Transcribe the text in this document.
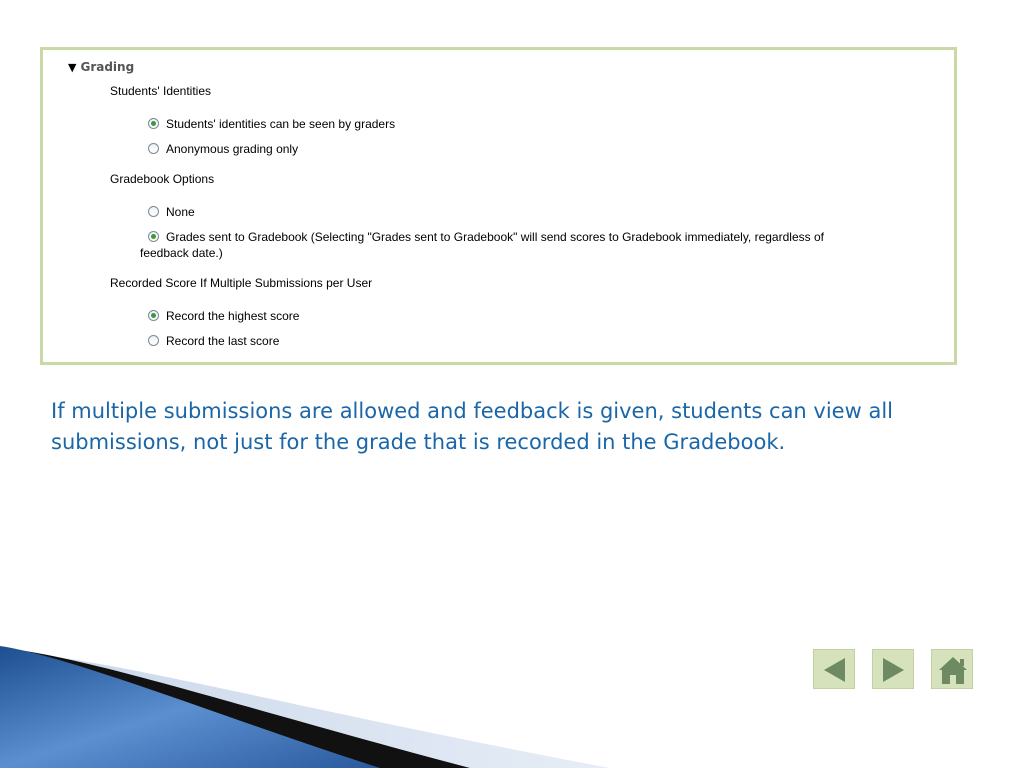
▼ Grading
Students' Identities
Students' identities can be seen by graders
Anonymous grading only
Gradebook Options
None
Grades sent to Gradebook (Selecting "Grades sent to Gradebook" will send scores to Gradebook immediately, regardless of
feedback date.)
Recorded Score If Multiple Submissions per User
Record the highest score
Record the last score
If multiple submissions are allowed and feedback is given, students can view all submissions, not just for the grade that is recorded in the Gradebook.
